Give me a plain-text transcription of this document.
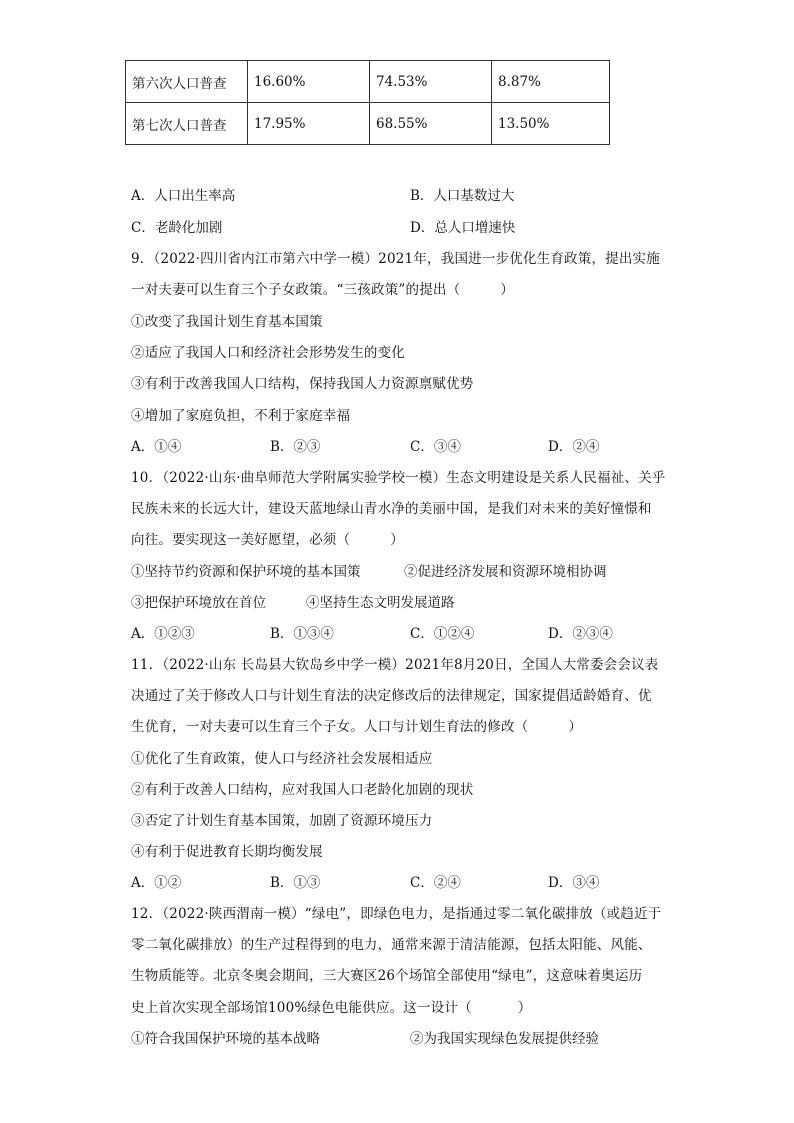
第六次人口普查	16.60%	74.53%	8.87%
第七次人口普查	17.95%	68.55%	13.50%
A．人口出生率高	B．人口基数过大
C．老龄化加剧	D．总人口增速快
9．（2022·四川省内江市第六中学一模）2021年，我国进一步优化生育政策，提出实施
一对夫妻可以生育三个子女政策。“三孩政策”的提出（	）
①改变了我国计划生育基本国策
②适应了我国人口和经济社会形势发生的变化
③有利于改善我国人口结构，保持我国人力资源禀赋优势
④增加了家庭负担，不利于家庭幸福
A．①④	B．②③	C．③④	D．②④
10．（2022·山东·曲阜师范大学附属实验学校一模）生态文明建设是关系人民福祉、关乎
民族未来的长远大计，建设天蓝地绿山青水净的美丽中国，是我们对未来的美好憧憬和
向往。要实现这一美好愿望，必须（	）
①坚持节约资源和保护环境的基本国策	②促进经济发展和资源环境相协调
③把保护环境放在首位	④坚持生态文明发展道路
A．①②③	B．①③④	C．①②④	D．②③④
11．（2022·山东 长岛县大钦岛乡中学一模）2021年8月20日，全国人大常委会会议表
决通过了关于修改人口与计划生育法的决定修改后的法律规定，国家提倡适龄婚育、优
生优育，一对夫妻可以生育三个子女。人口与计划生育法的修改（	）
①优化了生育政策，使人口与经济社会发展相适应
②有利于改善人口结构，应对我国人口老龄化加剧的现状
③否定了计划生育基本国策，加剧了资源环境压力
④有利于促进教育长期均衡发展
A．①②	B．①③	C．②④	D．③④
12．（2022·陕西渭南一模）“绿电”，即绿色电力，是指通过零二氧化碳排放（或趋近于
零二氧化碳排放）的生产过程得到的电力，通常来源于清洁能源，包括太阳能、风能、
生物质能等。北京冬奥会期间，三大赛区26个场馆全部使用“绿电”，这意味着奥运历
史上首次实现全部场馆100%绿色电能供应。这一设计（	）
①符合我国保护环境的基本战略	②为我国实现绿色发展提供经验
